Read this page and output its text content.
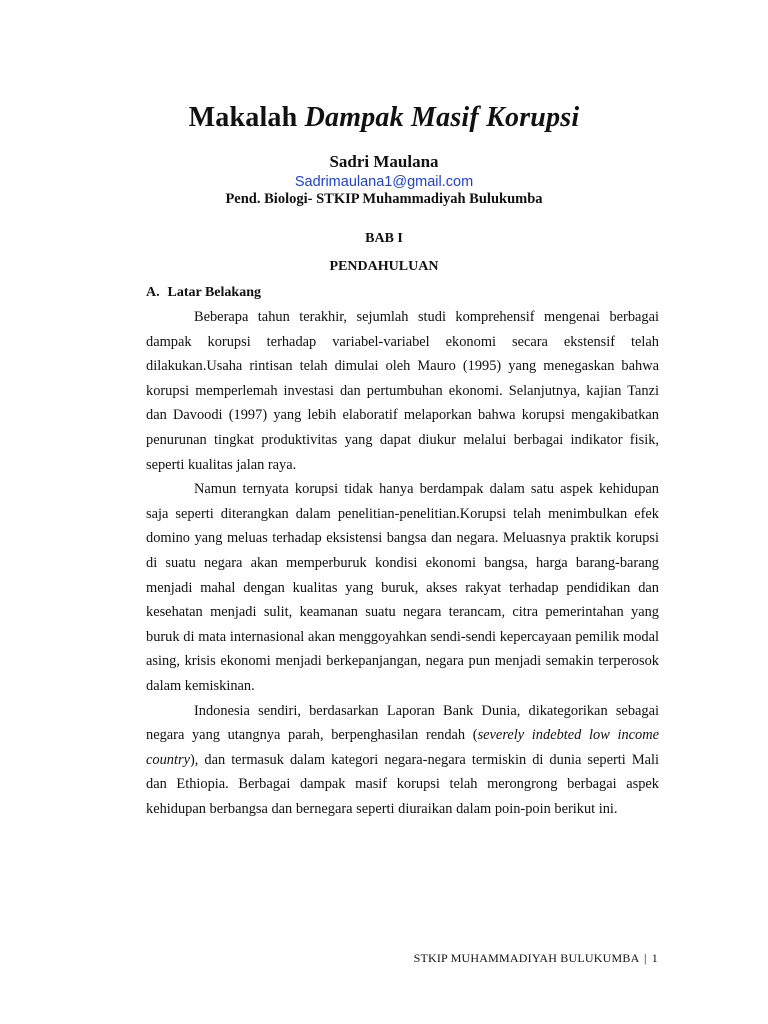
Makalah Dampak Masif Korupsi
Sadri Maulana
Sadrimaulana1@gmail.com
Pend. Biologi- STKIP Muhammadiyah Bulukumba
BAB I
PENDAHULUAN
A. Latar Belakang

Beberapa tahun terakhir, sejumlah studi komprehensif mengenai berbagai dampak korupsi terhadap variabel-variabel ekonomi secara ekstensif telah dilakukan.Usaha rintisan telah dimulai oleh Mauro (1995) yang menegaskan bahwa korupsi memperlemah investasi dan pertumbuhan ekonomi. Selanjutnya, kajian Tanzi dan Davoodi (1997) yang lebih elaboratif melaporkan bahwa korupsi mengakibatkan penurunan tingkat produktivitas yang dapat diukur melalui berbagai indikator fisik, seperti kualitas jalan raya.

Namun ternyata korupsi tidak hanya berdampak dalam satu aspek kehidupan saja seperti diterangkan dalam penelitian-penelitian.Korupsi telah menimbulkan efek domino yang meluas terhadap eksistensi bangsa dan negara. Meluasnya praktik korupsi di suatu negara akan memperburuk kondisi ekonomi bangsa, harga barang-barang menjadi mahal dengan kualitas yang buruk, akses rakyat terhadap pendidikan dan kesehatan menjadi sulit, keamanan suatu negara terancam, citra pemerintahan yang buruk di mata internasional akan menggoyahkan sendi-sendi kepercayaan pemilik modal asing, krisis ekonomi menjadi berkepanjangan, negara pun menjadi semakin terperosok dalam kemiskinan.

Indonesia sendiri, berdasarkan Laporan Bank Dunia, dikategorikan sebagai negara yang utangnya parah, berpenghasilan rendah (severely indebted low income country), dan termasuk dalam kategori negara-negara termiskin di dunia seperti Mali dan Ethiopia. Berbagai dampak masif korupsi telah merongrong berbagai aspek kehidupan berbangsa dan bernegara seperti diuraikan dalam poin-poin berikut ini.

STKIP MUHAMMADIYAH BULUKUMBA | 1
